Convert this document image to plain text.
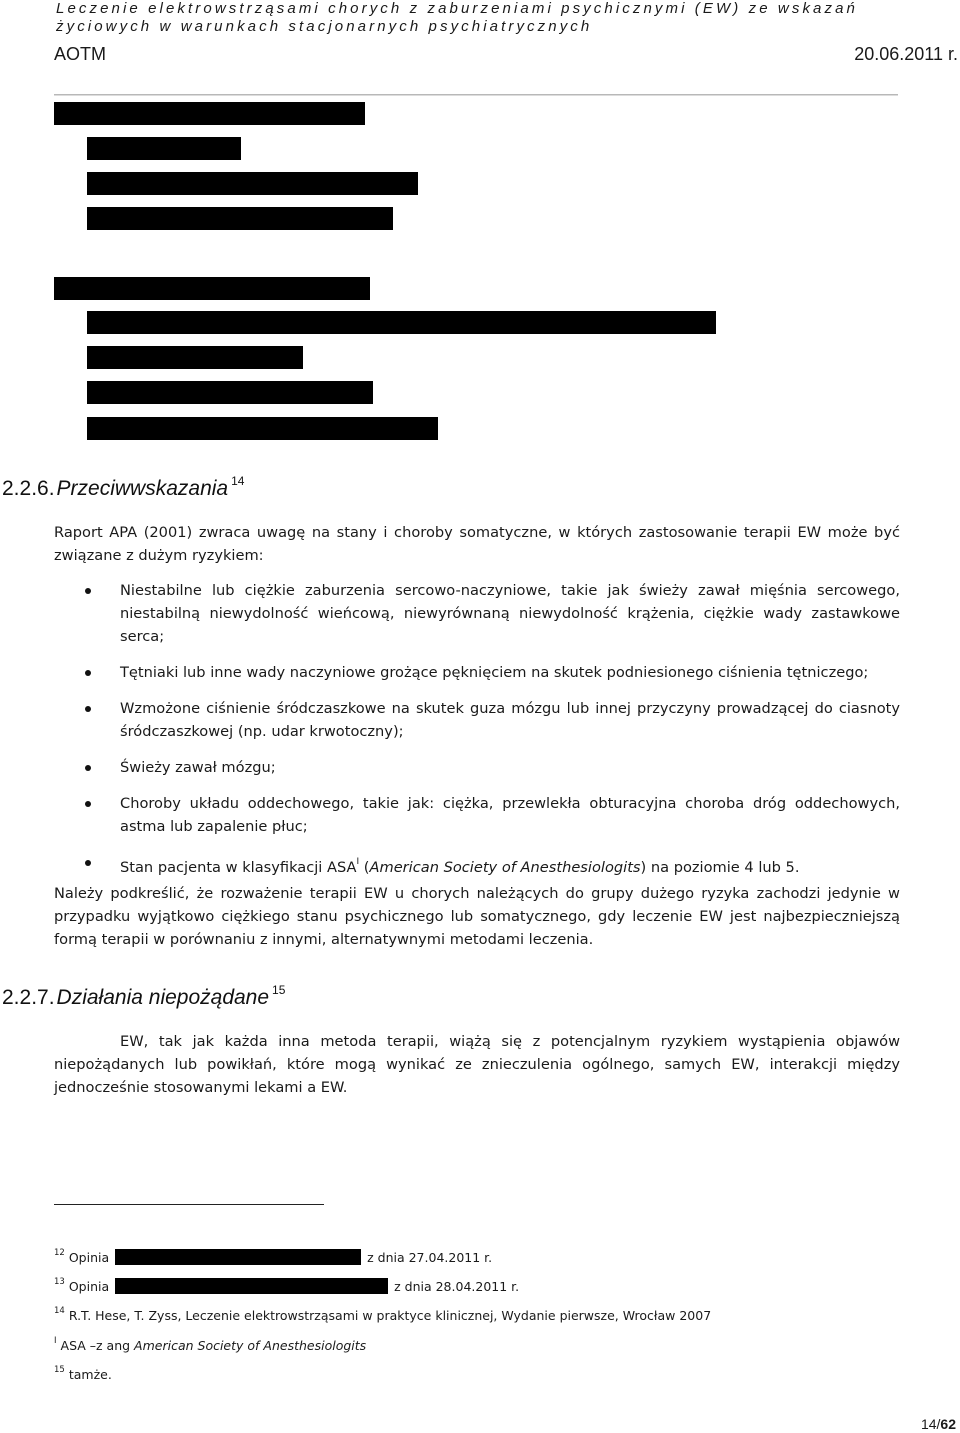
Leczenie elektrowstrząsami chorych z zaburzeniami psychicznymi (EW) ze wskazań
życiowych w warunkach stacjonarnych psychiatrycznych
AOTM	20.06.2011 r.
2.2.6.Przeciwwskazania $^{14}$
Raport APA (2001) zwraca uwagę na stany i choroby somatyczne, w których zastosowanie terapii EW może być związane z dużym ryzykiem:
Niestabilne lub ciężkie zaburzenia sercowo-naczyniowe, takie jak świeży zawał mięśnia sercowego, niestabilną niewydolność wieńcową, niewyrównaną niewydolność krążenia, ciężkie wady zastawkowe serca;
Tętniaki lub inne wady naczyniowe grożące pęknięciem na skutek podniesionego ciśnienia tętniczego;
Wzmożone ciśnienie śródczaszkowe na skutek guza mózgu lub innej przyczyny prowadzącej do ciasnoty śródczaszkowej (np. udar krwotoczny);
Świeży zawał mózgu;
Choroby układu oddechowego, takie jak: ciężka, przewlekła obturacyjna choroba dróg oddechowych, astma lub zapalenie płuc;
Stan pacjenta w klasyfikacji $ASA^I$ (American Society of Anesthesiologits) na poziomie 4 lub 5.
Należy podkreślić, że rozważenie terapii EW u chorych należących do grupy dużego ryzyka zachodzi jedynie w przypadku wyjątkowo ciężkiego stanu psychicznego lub somatycznego, gdy leczenie EW jest najbezpieczniejszą formą terapii w porównaniu z innymi, alternatywnymi metodami leczenia.
2.2.7.Działania niepożądane $^{15}$
EW, tak jak każda inna metoda terapii, wiążą się z potencjalnym ryzykiem wystąpienia objawów niepożądanych lub powikłań, które mogą wynikać ze znieczulenia ogólnego, samych EW, interakcji między jednocześnie stosowanymi lekami a EW.
$^{12}$ Opinia	z dnia 27.04.2011 r.
$^{13}$ Opinia	z dnia 28.04.2011 r.
$^{14}$ R.T. Hese, T. Zyss, Leczenie elektrowstrząsami w praktyce klinicznej, Wydanie pierwsze, Wrocław 2007
$^I$ ASA –z ang American Society of Anesthesiologits
$^{15}$ tamże.
14/62
